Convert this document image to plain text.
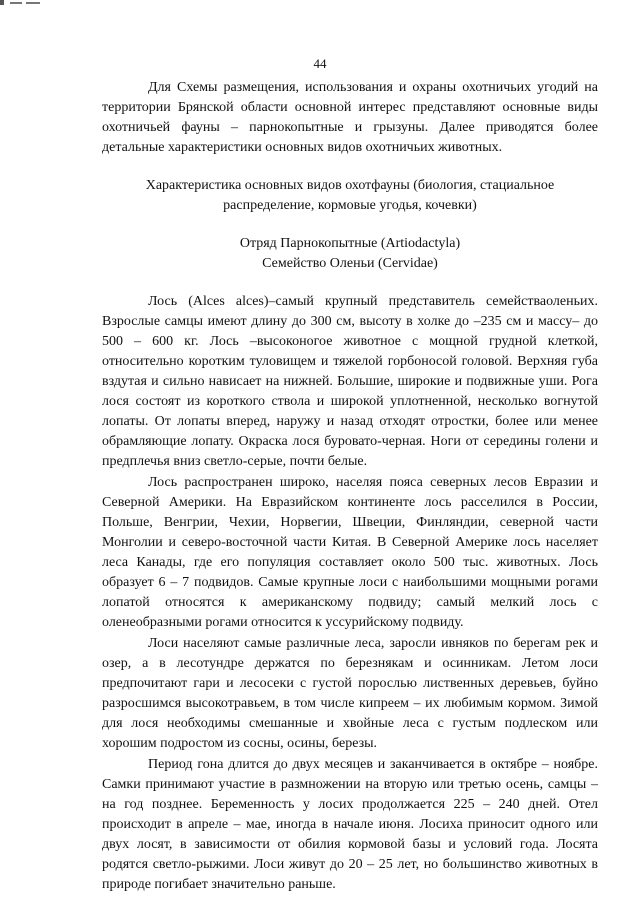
44

Для Схемы размещения, использования и охраны охотничьих угодий на территории Брянской области основной интерес представляют основные виды охотничьей фауны – парнокопытные и грызуны. Далее приводятся более детальные характеристики основных видов охотничьих животных.

Характеристика основных видов охотфауны (биология, стациальное распределение, кормовые угодья, кочевки)

Отряд Парнокопытные (Artiodactyla)

Семейство Оленьи (Cervidae)

Лось (Alces alces)–самый крупный представитель семействаоленьих. Взрослые самцы имеют длину до 300 см, высоту в холке до –235 см и массу– до 500 – 600 кг. Лось –высоконогое животное с мощной грудной клеткой, относительно коротким туловищем и тяжелой горбоносой головой. Верхняя губа вздутая и сильно нависает на нижней. Большие, широкие и подвижные уши. Рога лося состоят из короткого ствола и широкой уплотненной, несколько вогнутой лопаты. От лопаты вперед, наружу и назад отходят отростки, более или менее обрамляющие лопату. Окраска лося буровато-черная. Ноги от середины голени и предплечья вниз светло-серые, почти белые.

Лось распространен широко, населяя пояса северных лесов Евразии и Северной Америки. На Евразийском континенте лось расселился в России, Польше, Венгрии, Чехии, Норвегии, Швеции, Финляндии, северной части Монголии и северо-восточной части Китая. В Северной Америке лось населяет леса Канады, где его популяция составляет около 500 тыс. животных. Лось образует 6 – 7 подвидов. Самые крупные лоси с наибольшими мощными рогами лопатой относятся к американскому подвиду; самый мелкий лось с оленеобразными рогами относится к уссурийскому подвиду.

Лоси населяют самые различные леса, заросли ивняков по берегам рек и озер, а в лесотундре держатся по березнякам и осинникам. Летом лоси предпочитают гари и лесосеки с густой порослью лиственных деревьев, буйно разросшимся высокотравьем, в том числе кипреем – их любимым кормом. Зимой для лося необходимы смешанные и хвойные леса с густым подлеском или хорошим подростом из сосны, осины, березы.

Период гона длится до двух месяцев и заканчивается в октябре – ноябре. Самки принимают участие в размножении на вторую или третью осень, самцы – на год позднее. Беременность у лосих продолжается 225 – 240 дней. Отел происходит в апреле – мае, иногда в начале июня. Лосиха приносит одного или двух лосят, в зависимости от обилия кормовой базы и условий года. Лосята родятся светло-рыжими. Лоси живут до 20 – 25 лет, но большинство животных в природе погибает значительно раньше.
